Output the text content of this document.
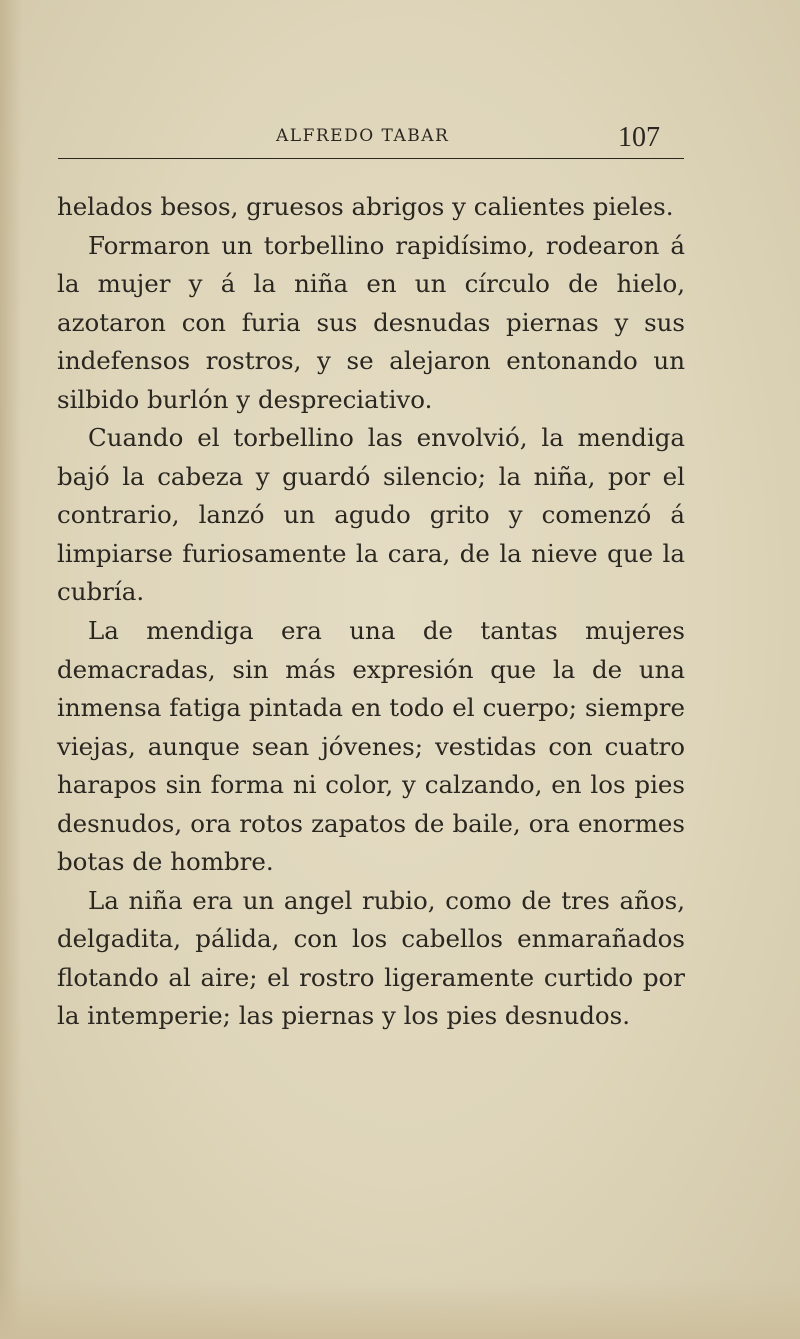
ALFREDO TABAR	107

helados besos, gruesos abrigos y calientes pieles.

Formaron un torbellino rapidísimo, rodearon á la mujer y á la niña en un círculo de hielo, azotaron con furia sus desnudas piernas y sus indefensos rostros, y se alejaron entonando un silbido burlón y despreciativo.

Cuando el torbellino las envolvió, la mendiga bajó la cabeza y guardó silencio; la niña, por el contrario, lanzó un agudo grito y comenzó á limpiarse furiosamente la cara, de la nieve que la cubría.

La mendiga era una de tantas mujeres demacradas, sin más expresión que la de una inmensa fatiga pintada en todo el cuerpo; siempre viejas, aunque sean jóvenes; vestidas con cuatro harapos sin forma ni color, y calzando, en los pies desnudos, ora rotos zapatos de baile, ora enormes botas de hombre.

La niña era un angel rubio, como de tres años, delgadita, pálida, con los cabellos enmarañados flotando al aire; el rostro ligeramente curtido por la intemperie; las piernas y los pies desnudos.
